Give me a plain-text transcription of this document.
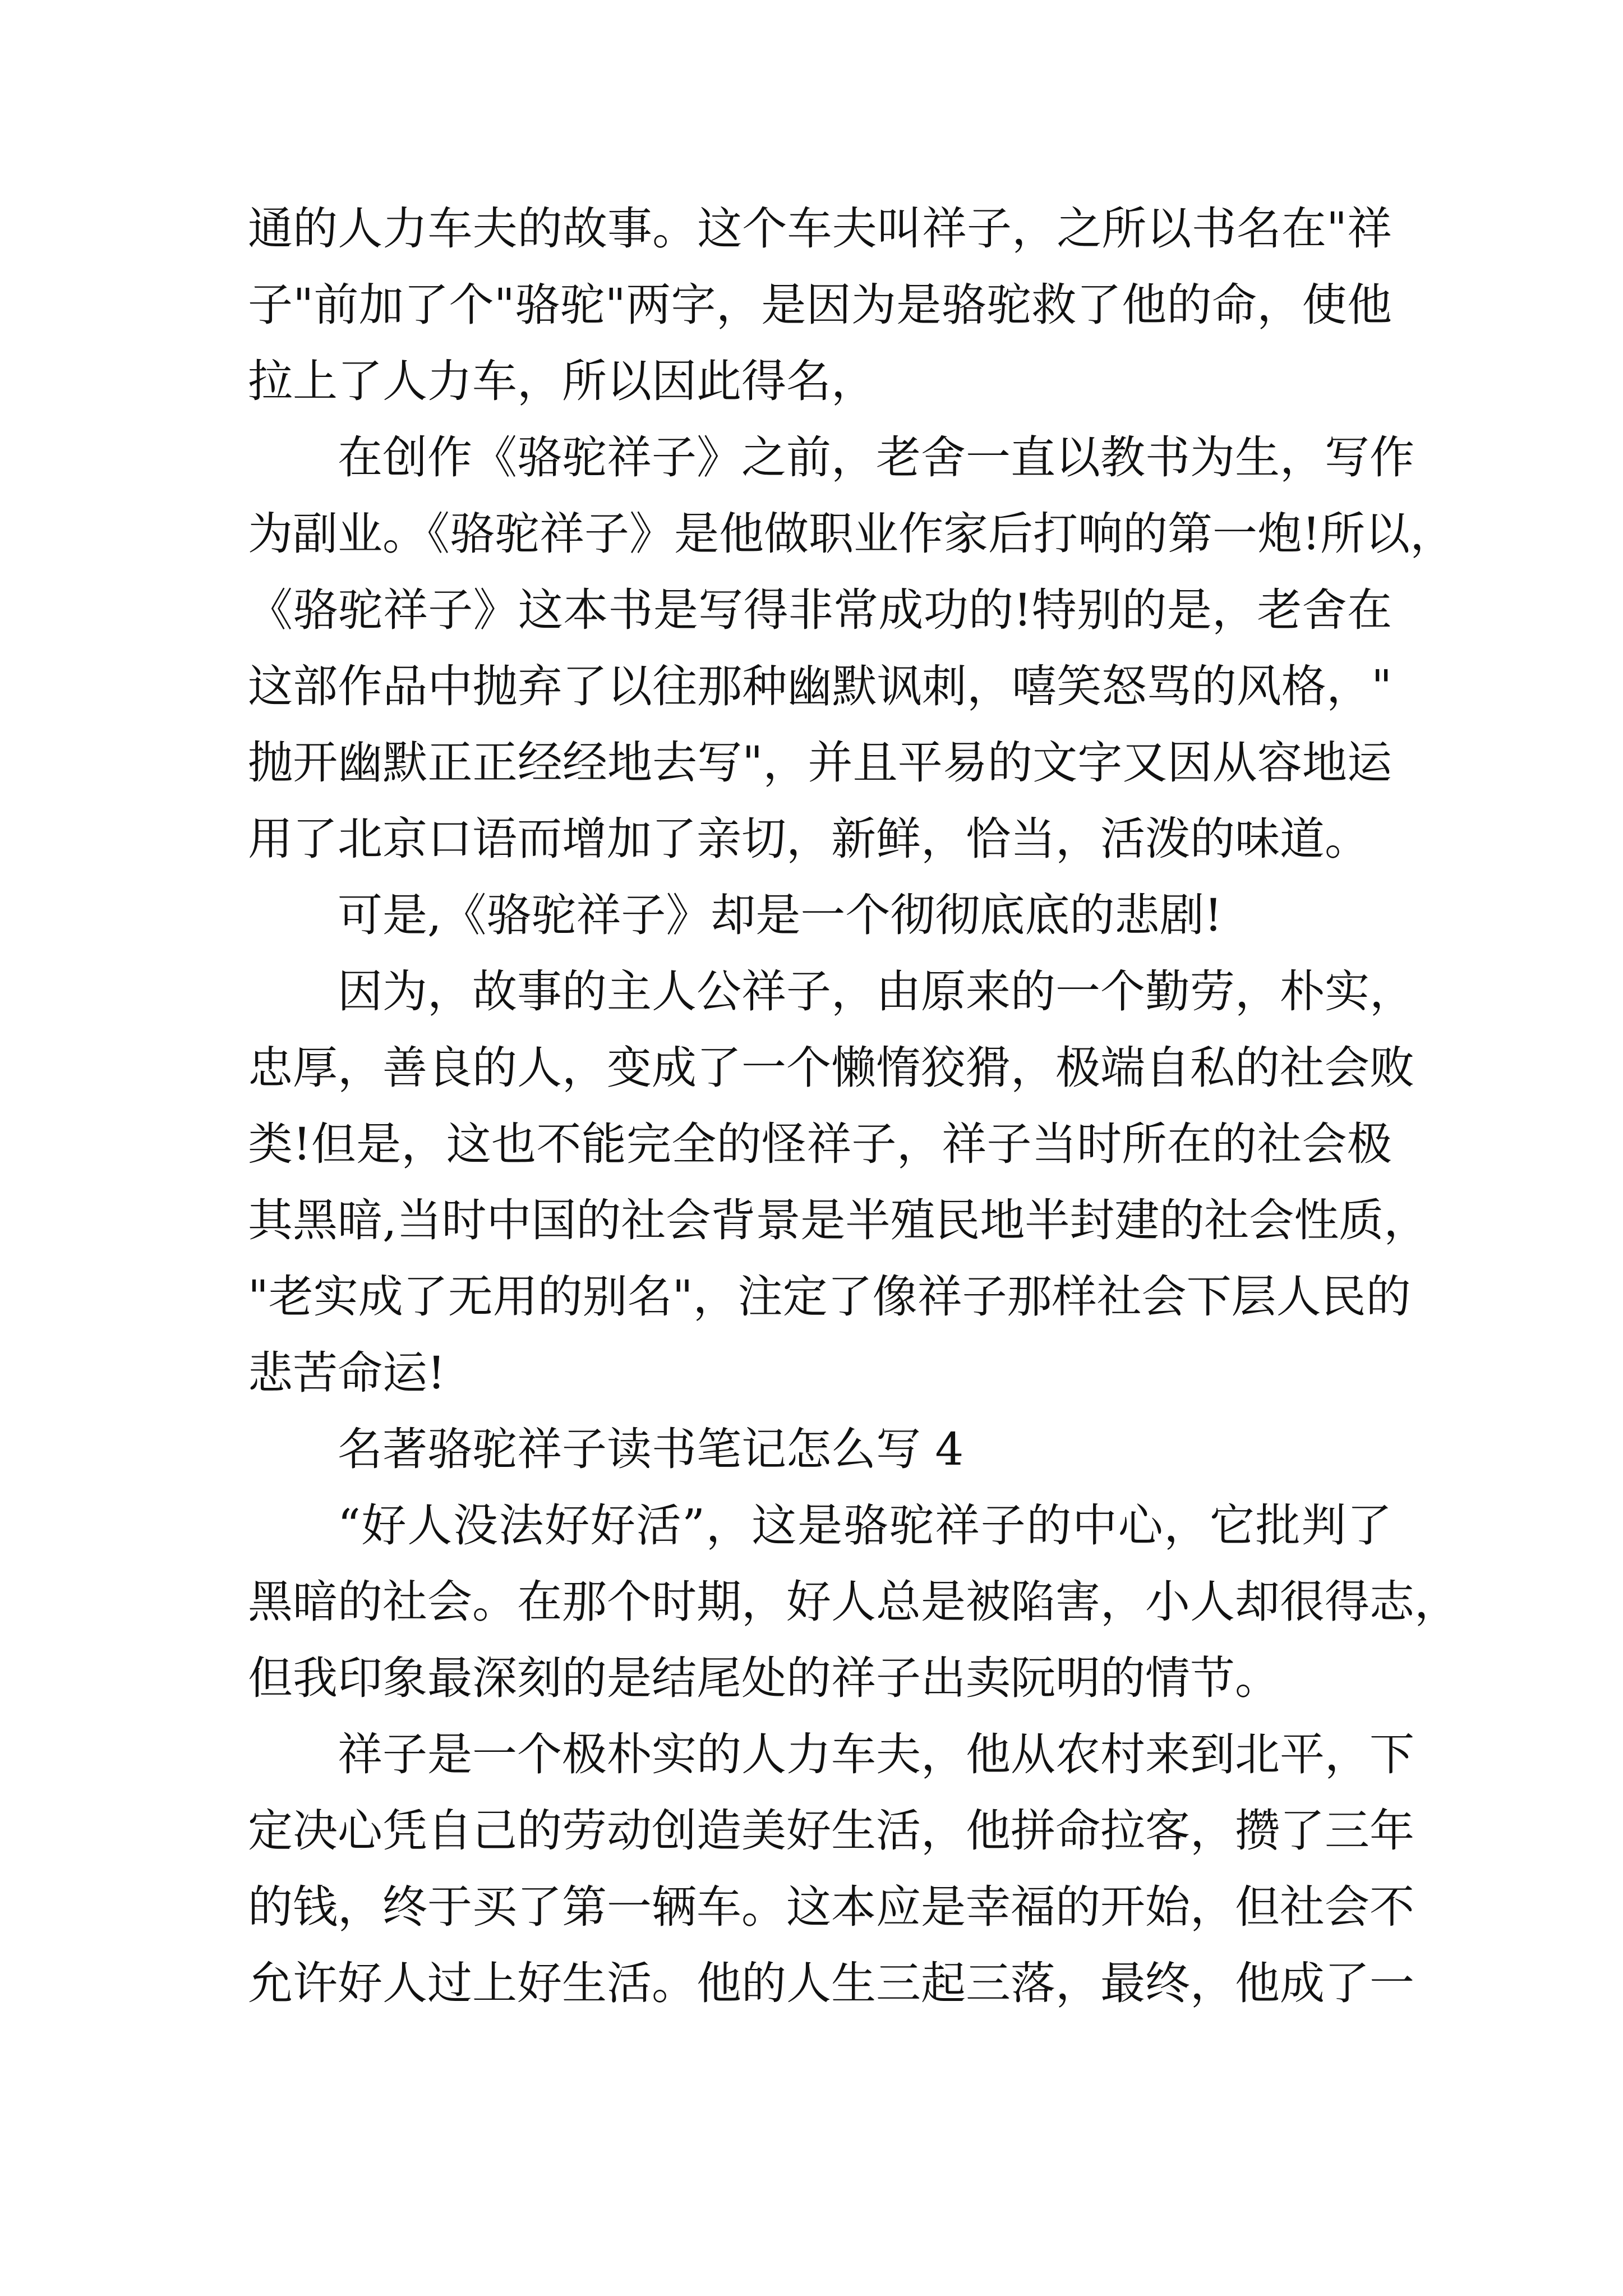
通的人力车夫的故事。这个车夫叫祥子，之所以书名在"祥
子"前加了个"骆驼"两字，是因为是骆驼救了他的命，使他
拉上了人力车，所以因此得名，
在创作《骆驼祥子》之前，老舍一直以教书为生，写作
为副业。《骆驼祥子》是他做职业作家后打响的第一炮!所以，
《骆驼祥子》这本书是写得非常成功的!特别的是，老舍在
这部作品中抛弃了以往那种幽默讽刺，嘻笑怒骂的风格，"
抛开幽默正正经经地去写"，并且平易的文字又因从容地运
用了北京口语而增加了亲切，新鲜，恰当，活泼的味道。
可是,《骆驼祥子》却是一个彻彻底底的悲剧!
因为，故事的主人公祥子，由原来的一个勤劳，朴实，
忠厚，善良的人，变成了一个懒惰狡猾，极端自私的社会败
类!但是，这也不能完全的怪祥子，祥子当时所在的社会极
其黑暗,当时中国的社会背景是半殖民地半封建的社会性质，
"老实成了无用的别名"，注定了像祥子那样社会下层人民的
悲苦命运!
名著骆驼祥子读书笔记怎么写 4
“好人没法好好活”，这是骆驼祥子的中心，它批判了
黑暗的社会。在那个时期，好人总是被陷害，小人却很得志，
但我印象最深刻的是结尾处的祥子出卖阮明的情节。
祥子是一个极朴实的人力车夫，他从农村来到北平，下
定决心凭自己的劳动创造美好生活，他拼命拉客，攒了三年
的钱，终于买了第一辆车。这本应是幸福的开始，但社会不
允许好人过上好生活。他的人生三起三落，最终，他成了一
